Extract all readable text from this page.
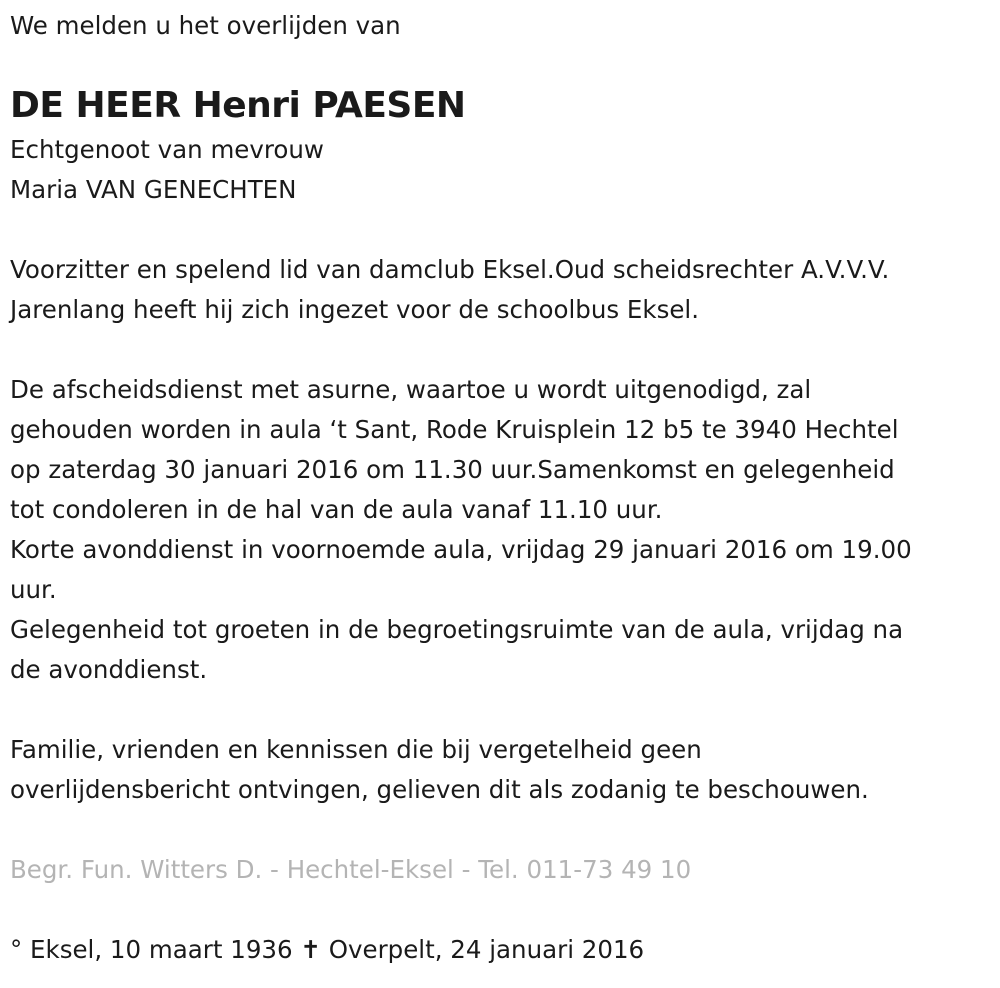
We melden u het overlijden van
DE HEER Henri PAESEN
Echtgenoot van mevrouw
Maria VAN GENECHTEN
Voorzitter en spelend lid van damclub Eksel.Oud scheidsrechter A.V.V.V.
Jarenlang heeft hij zich ingezet voor de schoolbus Eksel.
De afscheidsdienst met asurne, waartoe u wordt uitgenodigd, zal
gehouden worden in aula ‘t Sant, Rode Kruisplein 12 b5 te 3940 Hechtel
op zaterdag 30 januari 2016 om 11.30 uur.Samenkomst en gelegenheid
tot condoleren in de hal van de aula vanaf 11.10 uur.
Korte avonddienst in voornoemde aula, vrijdag 29 januari 2016 om 19.00
uur.
Gelegenheid tot groeten in de begroetingsruimte van de aula, vrijdag na
de avonddienst.
Familie, vrienden en kennissen die bij vergetelheid geen
overlijdensbericht ontvingen, gelieven dit als zodanig te beschouwen.
Begr. Fun. Witters D. - Hechtel-Eksel - Tel. 011-73 49 10
° Eksel, 10 maart 1936 ✝ Overpelt, 24 januari 2016
